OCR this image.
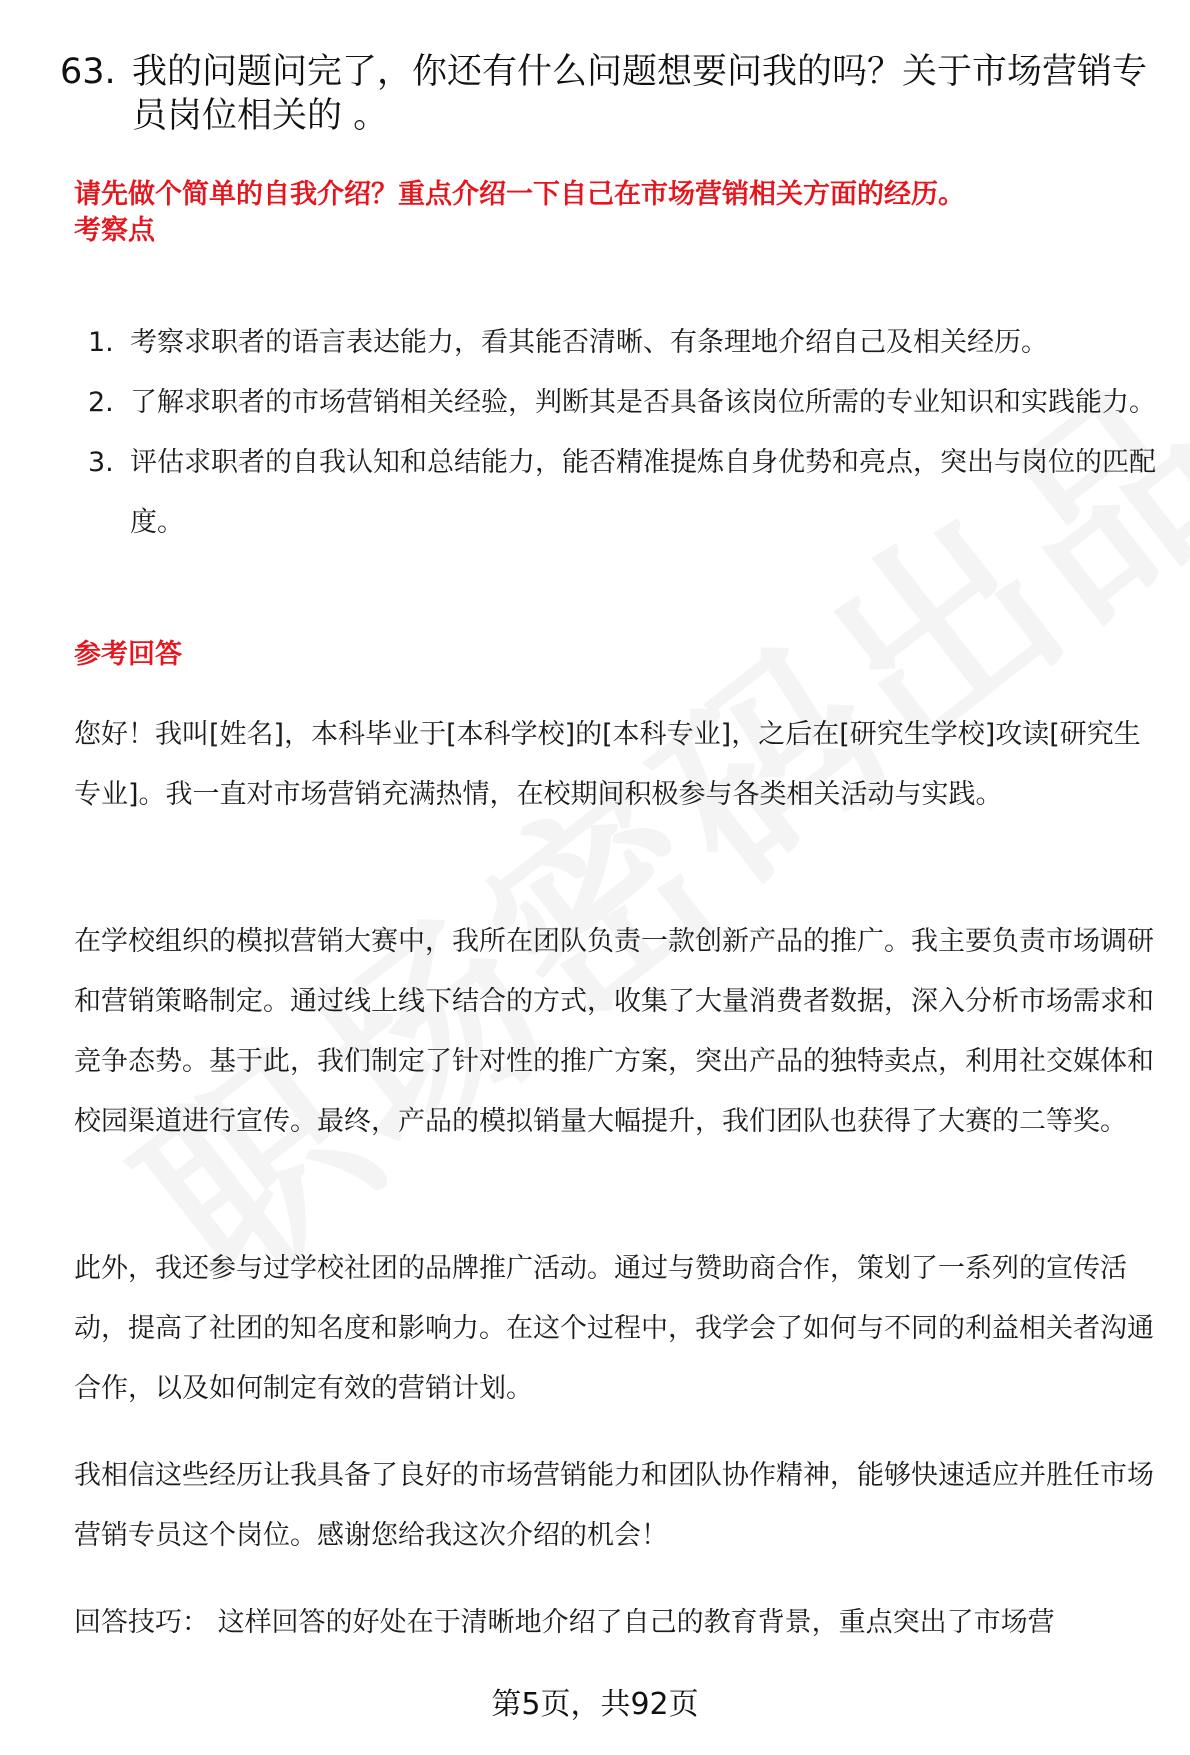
63. 我的问题问完了，你还有什么问题想要问我的吗？关于市场营销专员岗位相关的 。
请先做个简单的自我介绍？重点介绍一下自己在市场营销相关方面的经历。
考察点
1. 考察求职者的语言表达能力，看其能否清晰、有条理地介绍自己及相关经历。
2. 了解求职者的市场营销相关经验，判断其是否具备该岗位所需的专业知识和实践能力。
3. 评估求职者的自我认知和总结能力，能否精准提炼自身优势和亮点，突出与岗位的匹配度。
参考回答
您好！我叫[姓名]，本科毕业于[本科学校]的[本科专业]，之后在[研究生学校]攻读[研究生专业]。我一直对市场营销充满热情，在校期间积极参与各类相关活动与实践。
在学校组织的模拟营销大赛中，我所在团队负责一款创新产品的推广。我主要负责市场调研和营销策略制定。通过线上线下结合的方式，收集了大量消费者数据，深入分析市场需求和竞争态势。基于此，我们制定了针对性的推广方案，突出产品的独特卖点，利用社交媒体和校园渠道进行宣传。最终，产品的模拟销量大幅提升，我们团队也获得了大赛的二等奖。
此外，我还参与过学校社团的品牌推广活动。通过与赞助商合作，策划了一系列的宣传活动，提高了社团的知名度和影响力。在这个过程中，我学会了如何与不同的利益相关者沟通合作，以及如何制定有效的营销计划。
我相信这些经历让我具备了良好的市场营销能力和团队协作精神，能够快速适应并胜任市场营销专员这个岗位。感谢您给我这次介绍的机会！
回答技巧： 这样回答的好处在于清晰地介绍了自己的教育背景，重点突出了市场营
第5页，共92页
